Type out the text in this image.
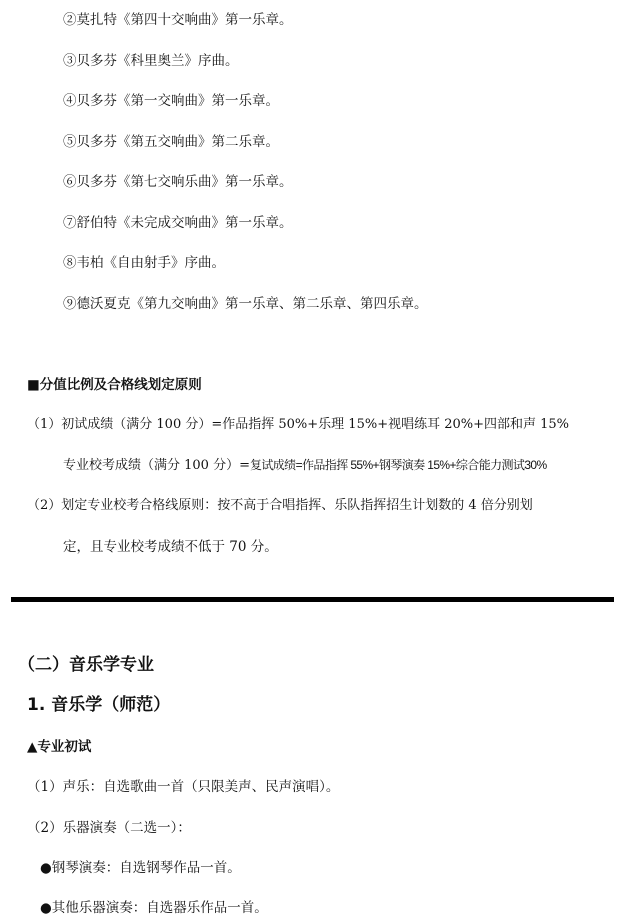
②莫扎特《第四十交响曲》第一乐章。
③贝多芬《科里奥兰》序曲。
④贝多芬《第一交响曲》第一乐章。
⑤贝多芬《第五交响曲》第二乐章。
⑥贝多芬《第七交响乐曲》第一乐章。
⑦舒伯特《未完成交响曲》第一乐章。
⑧韦柏《自由射手》序曲。
⑨德沃夏克《第九交响曲》第一乐章、第二乐章、第四乐章。
■分值比例及合格线划定原则
（1）初试成绩（满分 100 分）=作品指挥 50%+乐理 15%+视唱练耳 20%+四部和声 15%
专业校考成绩（满分 100 分）=复试成绩=作品指挥 55%+钢琴演奏 15%+综合能力测试30%
（2）划定专业校考合格线原则：按不高于合唱指挥、乐队指挥招生计划数的 4 倍分别划
定，且专业校考成绩不低于 70 分。
（二）音乐学专业
1. 音乐学（师范）
▲专业初试
（1）声乐：自选歌曲一首（只限美声、民声演唱）。
（2）乐器演奏（二选一）：
●钢琴演奏：自选钢琴作品一首。
●其他乐器演奏：自选器乐作品一首。
